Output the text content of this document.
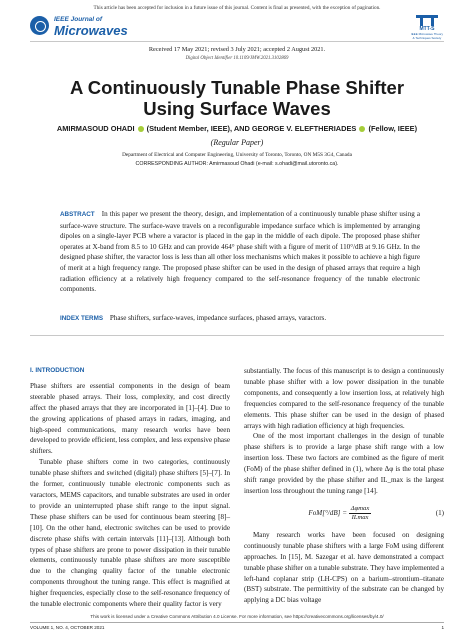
This article has been accepted for inclusion in a future issue of this journal. Content is final as presented, with the exception of pagination.
IEEE Journal of
Microwaves	MTT-S
IEEE Microwave Theory & Techniques Society
Received 17 May 2021; revised 3 July 2021; accepted 2 August 2021.
Digital Object Identifier 10.1109/JMW.2021.3102869
A Continuously Tunable Phase Shifter
Using Surface Waves
AMIRMASOUD OHADI (Student Member, IEEE), AND GEORGE V. ELEFTHERIADES (Fellow, IEEE)
(Regular Paper)
Department of Electrical and Computer Engineering, University of Toronto, Toronto, ON M5S 3G4, Canada
CORRESPONDING AUTHOR: Amirmasoud Ohadi (e-mail: s.ohadi@mail.utoronto.ca).
ABSTRACT In this paper we present the theory, design, and implementation of a continuously tunable phase shifter using a surface-wave structure. The surface-wave travels on a reconfigurable impedance surface which is implemented by arranging dipoles on a single-layer PCB where a varactor is placed in the gap in the middle of each dipole. The proposed phase shifter operates at X-band from 8.5 to 10 GHz and can provide 464° phase shift with a figure of merit of 110°/dB at 9.16 GHz. In the designed phase shifter, the varactor loss is less than all other loss mechanisms which makes it possible to achieve a high figure of merit at a high frequency range. The proposed phase shifter can be used in the design of phased arrays that require a high radiation efficiency at a relatively high frequency compared to the self-resonance frequency of the tunable electronic components.
INDEX TERMS Phase shifters, surface-waves, impedance surfaces, phased arrays, varactors.
I. INTRODUCTION

Phase shifters are essential components in the design of beam steerable phased arrays. Their loss, complexity, and cost directly affect the phased arrays that they are incorporated in [1]–[4]. Due to the growing applications of phased arrays in radars, imaging, and high-speed communications, many research works have been developed to provide efficient, less complex, and less expensive phase shifters.

Tunable phase shifters come in two categories, continuously tunable phase shifters and switched (digital) phase shifters [5]–[7]. In the former, continuously tunable electronic components such as varactors, MEMS capacitors, and tunable substrates are used in order to provide an uninterrupted phase shift range to the input signal. These phase shifters can be used for continuous beam steering [8]–[10]. On the other hand, electronic switches can be used to provide discrete phase shifts with certain intervals [11]–[13]. Although both types of phase shifters are prone to power dissipation in their tunable elements, continuously tunable phase shifters are more susceptible due to the changing quality factor of the tunable electronic components throughout the tuning range. This effect is magnified at higher frequencies, especially close to the self-resonance frequency of the tunable electronic components where their quality factor is very

substantially. The focus of this manuscript is to design a continuously tunable phase shifter with a low power dissipation in the tunable components, and consequently a low insertion loss, at relatively high frequencies compared to the self-resonance frequency of the tunable elements. This phase shifter can be used in the design of phased arrays with high radiation efficiency at high frequencies.

One of the most important challenges in the design of tunable phase shifters is to provide a large phase shift range with a low insertion loss. These two factors are combined as the figure of merit (FoM) of the phase shifter defined in (1), where Δφ is the total phase shift range provided by the phase shifter and IL_max is the largest insertion loss throughout the tuning range [14].

$FoM[^\circ/dB] = \frac{\Delta\varphi\max}{ILmax}$	(1)

Many research works have been focused on designing continuously tunable phase shifters with a large FoM using different approaches. In [15], M. Sazegar et al. have demonstrated a compact tunable phase shifter on a tunable substrate. They have implemented a left-hand coplanar strip (LH-CPS) on a barium–strontium–titanate (BST) substrate. The permittivity of the substrate can be changed by applying a DC bias voltage

This work is licensed under a Creative Commons Attribution 4.0 License. For more information, see https://creativecommons.org/licenses/by/4.0/
VOLUME 1, NO. 4, OCTOBER 2021	1
